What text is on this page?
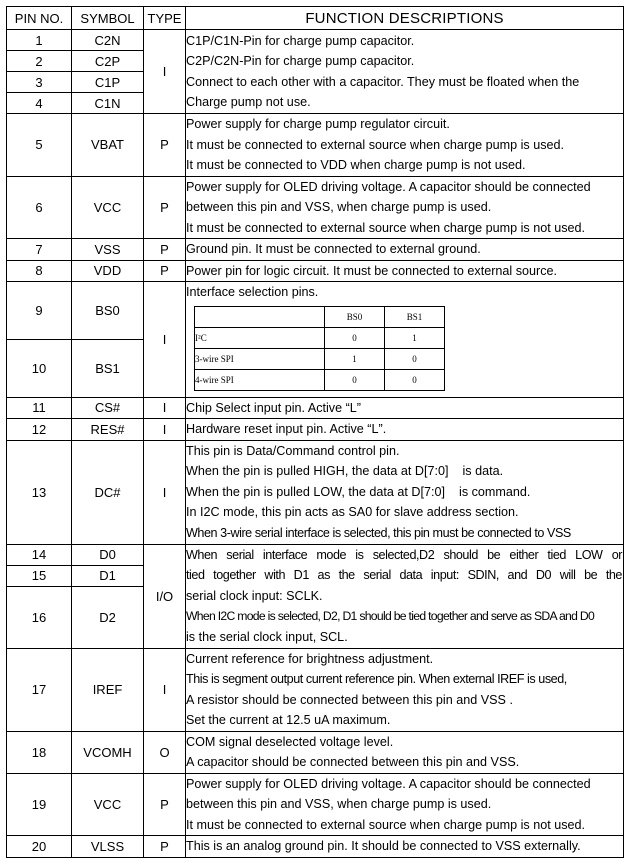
PIN NO.	SYMBOL	TYPE	FUNCTION DESCRIPTIONS
1	C2N	I	
C1P/C1N-Pin for charge pump capacitor.
C2P/C2N-Pin for charge pump capacitor.
Connect to each other with a capacitor. They must be floated when the
Charge pump not use.

2	C2P
3	C1P
4	C1N
5	VBAT	P	
Power supply for charge pump regulator circuit.
It must be connected to external source when charge pump is used.
It must be connected to VDD when charge pump is not used.

6	VCC	P	
Power supply for OLED driving voltage. A capacitor should be connected
between this pin and VSS, when charge pump is used.
It must be connected to external source when charge pump is not used.

7	VSS	P	Ground pin. It must be connected to external ground.

8	VDD	P	Power pin for logic circuit. It must be connected to external source.

9	BS0	I	
Interface selection pins.
	BS0	BS1
I²C	0	1
3-wire SPI	1	0
4-wire SPI	0	0

10	BS1
11	CS#	I	Chip Select input pin. Active “L”

12	RES#	I	Hardware reset input pin. Active “L”.

13	DC#	I	
This pin is Data/Command control pin.
When the pin is pulled HIGH, the data at D[7:0]    is data.
When the pin is pulled LOW, the data at D[7:0]    is command.
In I2C mode, this pin acts as SA0 for slave address section.
When 3-wire serial interface is selected, this pin must be connected to VSS

14	D0	I/O	
When serial interface mode is selected,D2 should be either tied LOW or
tied together with D1 as the serial data input: SDIN, and D0 will be the
serial clock input: SCLK.
When I2C mode is selected, D2, D1 should be tied together and serve as SDA and D0
is the serial clock input, SCL.

15	D1
16	D2
17	IREF	I	
Current reference for brightness adjustment.
This is segment output current reference pin. When external IREF is used,
A resistor should be connected between this pin and VSS .
Set the current at 12.5 uA maximum.

18	VCOMH	O	
COM signal deselected voltage level.
A capacitor should be connected between this pin and VSS.

19	VCC	P	
Power supply for OLED driving voltage. A capacitor should be connected
between this pin and VSS, when charge pump is used.
It must be connected to external source when charge pump is not used.

20	VLSS	P	This is an analog ground pin. It should be connected to VSS externally.
